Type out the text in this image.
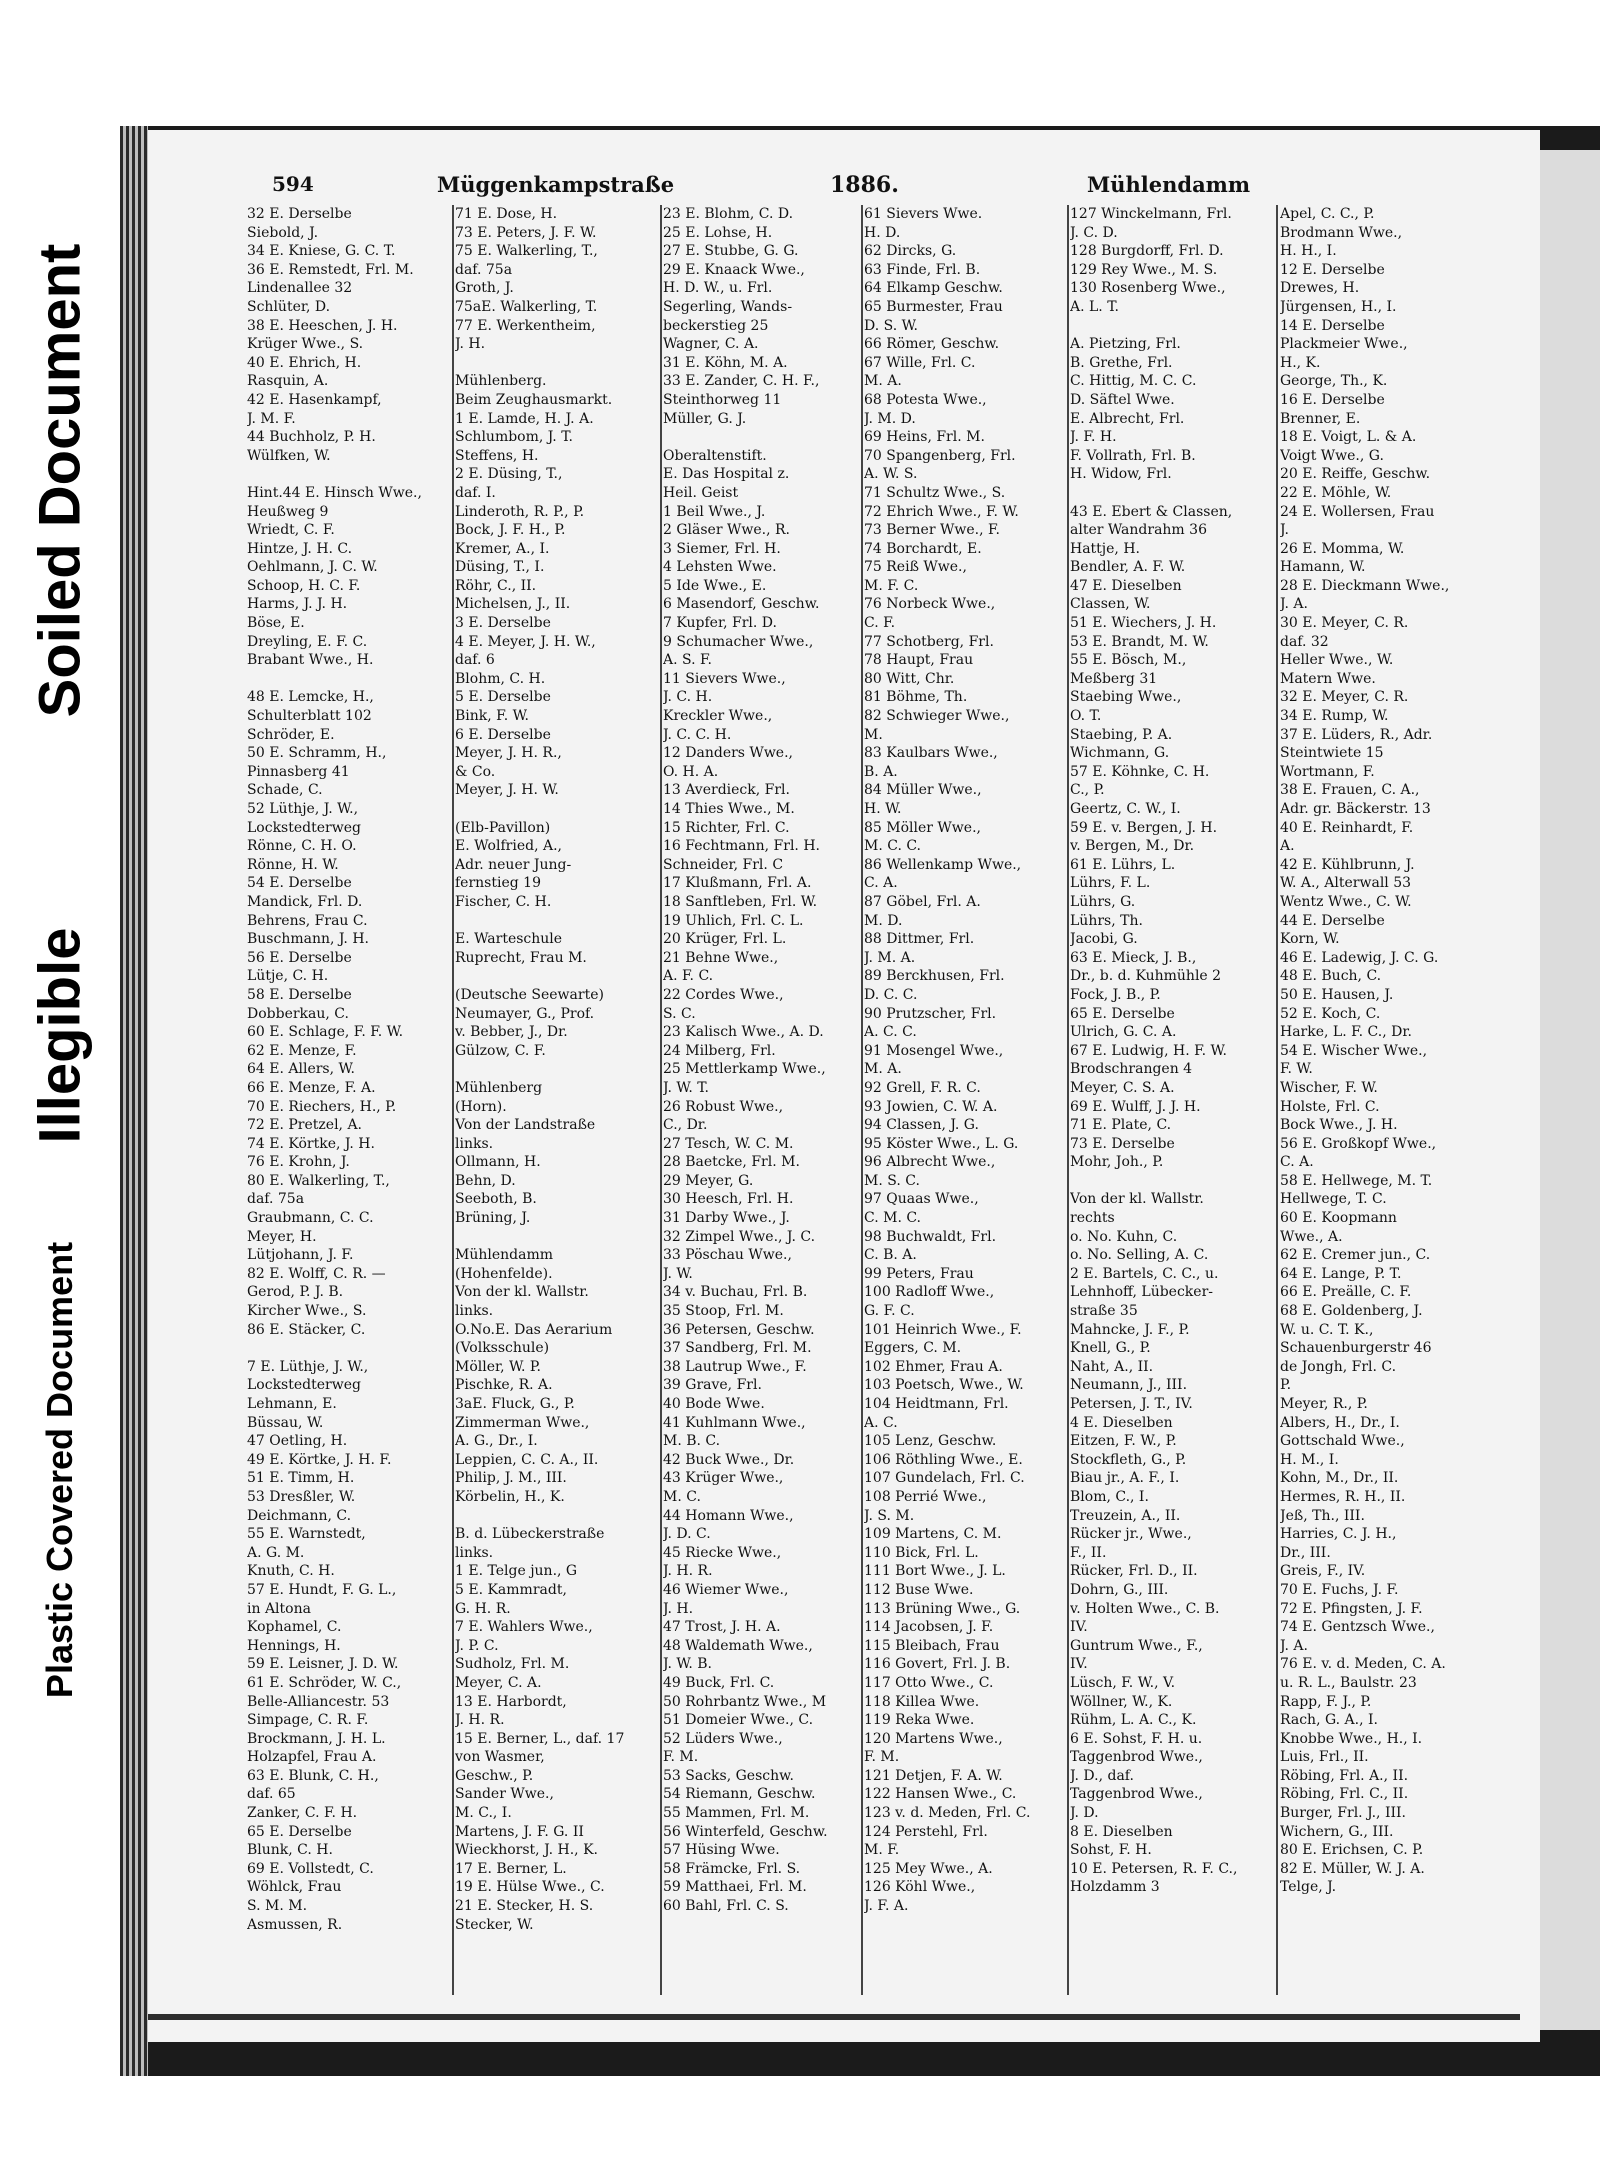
Soiled Document
Illegible
Plastic Covered Document
594	Müggenkampstraße	1886.	Mühlendamm
32 E. Derselbe
Siebold, J.
34 E. Kniese, G. C. T.
36 E. Remstedt, Frl. M.
Lindenallee 32
Schlüter, D.
38 E. Heeschen, J. H.
Krüger Wwe., S.
40 E. Ehrich, H.
Rasquin, A.
42 E. Hasenkampf,
J. M. F.
44 Buchholz, P. H.
Wülfken, W.

Hint.44 E. Hinsch Wwe.,
Heußweg 9
Wriedt, C. F.
Hintze, J. H. C.
Oehlmann, J. C. W.
Schoop, H. C. F.
Harms, J. J. H.
Böse, E.
Dreyling, E. F. C.
Brabant Wwe., H.

48 E. Lemcke, H.,
Schulterblatt 102
Schröder, E.
50 E. Schramm, H.,
Pinnasberg 41
Schade, C.
52 Lüthje, J. W.,
Lockstedterweg
Rönne, C. H. O.
Rönne, H. W.
54 E. Derselbe
Mandick, Frl. D.
Behrens, Frau C.
Buschmann, J. H.
56 E. Derselbe
Lütje, C. H.
58 E. Derselbe
Dobberkau, C.
60 E. Schlage, F. F. W.
62 E. Menze, F.
64 E. Allers, W.
66 E. Menze, F. A.
70 E. Riechers, H., P.
72 E. Pretzel, A.
74 E. Körtke, J. H.
76 E. Krohn, J.
80 E. Walkerling, T.,
daf. 75a
Graubmann, C. C.
Meyer, H.
Lütjohann, J. F.
82 E. Wolff, C. R. —
Gerod, P. J. B.
Kircher Wwe., S.
86 E. Stäcker, C.

7 E. Lüthje, J. W.,
Lockstedterweg
Lehmann, E.
Büssau, W.
47 Oetling, H.
49 E. Körtke, J. H. F.
51 E. Timm, H.
53 Dresßler, W.
Deichmann, C.
55 E. Warnstedt,
A. G. M.
Knuth, C. H.
57 E. Hundt, F. G. L.,
in Altona
Kophamel, C.
Hennings, H.
59 E. Leisner, J. D. W.
61 E. Schröder, W. C.,
Belle-Alliancestr. 53
Simpage, C. R. F.
Brockmann, J. H. L.
Holzapfel, Frau A.
63 E. Blunk, C. H.,
daf. 65
Zanker, C. F. H.
65 E. Derselbe
Blunk, C. H.
69 E. Vollstedt, C.
Wöhlck, Frau
S. M. M.
Asmussen, R.
71 E. Dose, H.
73 E. Peters, J. F. W.
75 E. Walkerling, T.,
daf. 75a
Groth, J.
75aE. Walkerling, T.
77 E. Werkentheim,
J. H.

Mühlenberg.
Beim Zeughausmarkt.
1 E. Lamde, H. J. A.
Schlumbom, J. T.
Steffens, H.
2 E. Düsing, T.,
daf. I.
Linderoth, R. P., P.
Bock, J. F. H., P.
Kremer, A., I.
Düsing, T., I.
Röhr, C., II.
Michelsen, J., II.
3 E. Derselbe
4 E. Meyer, J. H. W.,
daf. 6
Blohm, C. H.
5 E. Derselbe
Bink, F. W.
6 E. Derselbe
Meyer, J. H. R.,
& Co.
Meyer, J. H. W.

(Elb-Pavillon)
E. Wolfried, A.,
Adr. neuer Jung-
fernstieg 19
Fischer, C. H.

E. Warteschule
Ruprecht, Frau M.

(Deutsche Seewarte)
Neumayer, G., Prof.
v. Bebber, J., Dr.
Gülzow, C. F.

Mühlenberg
(Horn).
Von der Landstraße
links.
Ollmann, H.
Behn, D.
Seeboth, B.
Brüning, J.

Mühlendamm
(Hohenfelde).
Von der kl. Wallstr.
links.
O.No.E. Das Aerarium
(Volksschule)
Möller, W. P.
Pischke, R. A.
3aE. Fluck, G., P.
Zimmerman Wwe.,
A. G., Dr., I.
Leppien, C. C. A., II.
Philip, J. M., III.
Körbelin, H., K.

B. d. Lübeckerstraße
links.
1 E. Telge jun., G
5 E. Kammradt,
G. H. R.
7 E. Wahlers Wwe.,
J. P. C.
Sudholz, Frl. M.
Meyer, C. A.
13 E. Harbordt,
J. H. R.
15 E. Berner, L., daf. 17
von Wasmer,
Geschw., P.
Sander Wwe.,
M. C., I.
Martens, J. F. G. II
Wieckhorst, J. H., K.
17 E. Berner, L.
19 E. Hülse Wwe., C.
21 E. Stecker, H. S.
Stecker, W.
23 E. Blohm, C. D.
25 E. Lohse, H.
27 E. Stubbe, G. G.
29 E. Knaack Wwe.,
H. D. W., u. Frl.
Segerling, Wands-
beckerstieg 25
Wagner, C. A.
31 E. Köhn, M. A.
33 E. Zander, C. H. F.,
Steinthorweg 11
Müller, G. J.

Oberaltenstift.
E. Das Hospital z.
Heil. Geist
1 Beil Wwe., J.
2 Gläser Wwe., R.
3 Siemer, Frl. H.
4 Lehsten Wwe.
5 Ide Wwe., E.
6 Masendorf, Geschw.
7 Kupfer, Frl. D.
9 Schumacher Wwe.,
A. S. F.
11 Sievers Wwe.,
J. C. H.
Kreckler Wwe.,
J. C. C. H.
12 Danders Wwe.,
O. H. A.
13 Averdieck, Frl.
14 Thies Wwe., M.
15 Richter, Frl. C.
16 Fechtmann, Frl. H.
Schneider, Frl. C
17 Klußmann, Frl. A.
18 Sanftleben, Frl. W.
19 Uhlich, Frl. C. L.
20 Krüger, Frl. L.
21 Behne Wwe.,
A. F. C.
22 Cordes Wwe.,
S. C.
23 Kalisch Wwe., A. D.
24 Milberg, Frl.
25 Mettlerkamp Wwe.,
J. W. T.
26 Robust Wwe.,
C., Dr.
27 Tesch, W. C. M.
28 Baetcke, Frl. M.
29 Meyer, G.
30 Heesch, Frl. H.
31 Darby Wwe., J.
32 Zimpel Wwe., J. C.
33 Pöschau Wwe.,
J. W.
34 v. Buchau, Frl. B.
35 Stoop, Frl. M.
36 Petersen, Geschw.
37 Sandberg, Frl. M.
38 Lautrup Wwe., F.
39 Grave, Frl.
40 Bode Wwe.
41 Kuhlmann Wwe.,
M. B. C.
42 Buck Wwe., Dr.
43 Krüger Wwe.,
M. C.
44 Homann Wwe.,
J. D. C.
45 Riecke Wwe.,
J. H. R.
46 Wiemer Wwe.,
J. H.
47 Trost, J. H. A.
48 Waldemath Wwe.,
J. W. B.
49 Buck, Frl. C.
50 Rohrbantz Wwe., M
51 Domeier Wwe., C.
52 Lüders Wwe.,
F. M.
53 Sacks, Geschw.
54 Riemann, Geschw.
55 Mammen, Frl. M.
56 Winterfeld, Geschw.
57 Hüsing Wwe.
58 Främcke, Frl. S.
59 Matthaei, Frl. M.
60 Bahl, Frl. C. S.
61 Sievers Wwe.
H. D.
62 Dircks, G.
63 Finde, Frl. B.
64 Elkamp Geschw.
65 Burmester, Frau
D. S. W.
66 Römer, Geschw.
67 Wille, Frl. C.
M. A.
68 Potesta Wwe.,
J. M. D.
69 Heins, Frl. M.
70 Spangenberg, Frl.
A. W. S.
71 Schultz Wwe., S.
72 Ehrich Wwe., F. W.
73 Berner Wwe., F.
74 Borchardt, E.
75 Reiß Wwe.,
M. F. C.
76 Norbeck Wwe.,
C. F.
77 Schotberg, Frl.
78 Haupt, Frau
80 Witt, Chr.
81 Böhme, Th.
82 Schwieger Wwe.,
M.
83 Kaulbars Wwe.,
B. A.
84 Müller Wwe.,
H. W.
85 Möller Wwe.,
M. C. C.
86 Wellenkamp Wwe.,
C. A.
87 Göbel, Frl. A.
M. D.
88 Dittmer, Frl.
J. M. A.
89 Berckhusen, Frl.
D. C. C.
90 Prutzscher, Frl.
A. C. C.
91 Mosengel Wwe.,
M. A.
92 Grell, F. R. C.
93 Jowien, C. W. A.
94 Classen, J. G.
95 Köster Wwe., L. G.
96 Albrecht Wwe.,
M. S. C.
97 Quaas Wwe.,
C. M. C.
98 Buchwaldt, Frl.
C. B. A.
99 Peters, Frau
100 Radloff Wwe.,
G. F. C.
101 Heinrich Wwe., F.
Eggers, C. M.
102 Ehmer, Frau A.
103 Poetsch, Wwe., W.
104 Heidtmann, Frl.
A. C.
105 Lenz, Geschw.
106 Röthling Wwe., E.
107 Gundelach, Frl. C.
108 Perrié Wwe.,
J. S. M.
109 Martens, C. M.
110 Bick, Frl. L.
111 Bort Wwe., J. L.
112 Buse Wwe.
113 Brüning Wwe., G.
114 Jacobsen, J. F.
115 Bleibach, Frau
116 Govert, Frl. J. B.
117 Otto Wwe., C.
118 Killea Wwe.
119 Reka Wwe.
120 Martens Wwe.,
F. M.
121 Detjen, F. A. W.
122 Hansen Wwe., C.
123 v. d. Meden, Frl. C.
124 Perstehl, Frl.
M. F.
125 Mey Wwe., A.
126 Köhl Wwe.,
J. F. A.
127 Winckelmann, Frl.
J. C. D.
128 Burgdorff, Frl. D.
129 Rey Wwe., M. S.
130 Rosenberg Wwe.,
A. L. T.

A. Pietzing, Frl.
B. Grethe, Frl.
C. Hittig, M. C. C.
D. Säftel Wwe.
E. Albrecht, Frl.
J. F. H.
F. Vollrath, Frl. B.
H. Widow, Frl.

43 E. Ebert & Classen,
alter Wandrahm 36
Hattje, H.
Bendler, A. F. W.
47 E. Dieselben
Classen, W.
51 E. Wiechers, J. H.
53 E. Brandt, M. W.
55 E. Bösch, M.,
Meßberg 31
Staebing Wwe.,
O. T.
Staebing, P. A.
Wichmann, G.
57 E. Köhnke, C. H.
C., P.
Geertz, C. W., I.
59 E. v. Bergen, J. H.
v. Bergen, M., Dr.
61 E. Lührs, L.
Lührs, F. L.
Lührs, G.
Lührs, Th.
Jacobi, G.
63 E. Mieck, J. B.,
Dr., b. d. Kuhmühle 2
Fock, J. B., P.
65 E. Derselbe
Ulrich, G. C. A.
67 E. Ludwig, H. F. W.
Brodschrangen 4
Meyer, C. S. A.
69 E. Wulff, J. J. H.
71 E. Plate, C.
73 E. Derselbe
Mohr, Joh., P.

Von der kl. Wallstr.
rechts
o. No. Kuhn, C.
o. No. Selling, A. C.
2 E. Bartels, C. C., u.
Lehnhoff, Lübecker-
straße 35
Mahncke, J. F., P.
Knell, G., P.
Naht, A., II.
Neumann, J., III.
Petersen, J. T., IV.
4 E. Dieselben
Eitzen, F. W., P.
Stockfleth, G., P.
Biau jr., A. F., I.
Blom, C., I.
Treuzein, A., II.
Rücker jr., Wwe.,
F., II.
Rücker, Frl. D., II.
Dohrn, G., III.
v. Holten Wwe., C. B.
IV.
Guntrum Wwe., F.,
IV.
Lüsch, F. W., V.
Wöllner, W., K.
Rühm, L. A. C., K.
6 E. Sohst, F. H. u.
Taggenbrod Wwe.,
J. D., daf.
Taggenbrod Wwe.,
J. D.
8 E. Dieselben
Sohst, F. H.
10 E. Petersen, R. F. C.,
Holzdamm 3
Apel, C. C., P.
Brodmann Wwe.,
H. H., I.
12 E. Derselbe
Drewes, H.
Jürgensen, H., I.
14 E. Derselbe
Plackmeier Wwe.,
H., K.
George, Th., K.
16 E. Derselbe
Brenner, E.
18 E. Voigt, L. & A.
Voigt Wwe., G.
20 E. Reiffe, Geschw.
22 E. Möhle, W.
24 E. Wollersen, Frau
J.
26 E. Momma, W.
Hamann, W.
28 E. Dieckmann Wwe.,
J. A.
30 E. Meyer, C. R.
daf. 32
Heller Wwe., W.
Matern Wwe.
32 E. Meyer, C. R.
34 E. Rump, W.
37 E. Lüders, R., Adr.
Steintwiete 15
Wortmann, F.
38 E. Frauen, C. A.,
Adr. gr. Bäckerstr. 13
40 E. Reinhardt, F.
A.
42 E. Kühlbrunn, J.
W. A., Alterwall 53
Wentz Wwe., C. W.
44 E. Derselbe
Korn, W.
46 E. Ladewig, J. C. G.
48 E. Buch, C.
50 E. Hausen, J.
52 E. Koch, C.
Harke, L. F. C., Dr.
54 E. Wischer Wwe.,
F. W.
Wischer, F. W.
Holste, Frl. C.
Bock Wwe., J. H.
56 E. Großkopf Wwe.,
C. A.
58 E. Hellwege, M. T.
Hellwege, T. C.
60 E. Koopmann
Wwe., A.
62 E. Cremer jun., C.
64 E. Lange, P. T.
66 E. Preälle, C. F.
68 E. Goldenberg, J.
W. u. C. T. K.,
Schauenburgerstr 46
de Jongh, Frl. C.
P.
Meyer, R., P.
Albers, H., Dr., I.
Gottschald Wwe.,
H. M., I.
Kohn, M., Dr., II.
Hermes, R. H., II.
Jeß, Th., III.
Harries, C. J. H.,
Dr., III.
Greis, F., IV.
70 E. Fuchs, J. F.
72 E. Pfingsten, J. F.
74 E. Gentzsch Wwe.,
J. A.
76 E. v. d. Meden, C. A.
u. R. L., Baulstr. 23
Rapp, F. J., P.
Rach, G. A., I.
Knobbe Wwe., H., I.
Luis, Frl., II.
Röbing, Frl. A., II.
Röbing, Frl. C., II.
Burger, Frl. J., III.
Wichern, G., III.
80 E. Erichsen, C. P.
82 E. Müller, W. J. A.
Telge, J.
